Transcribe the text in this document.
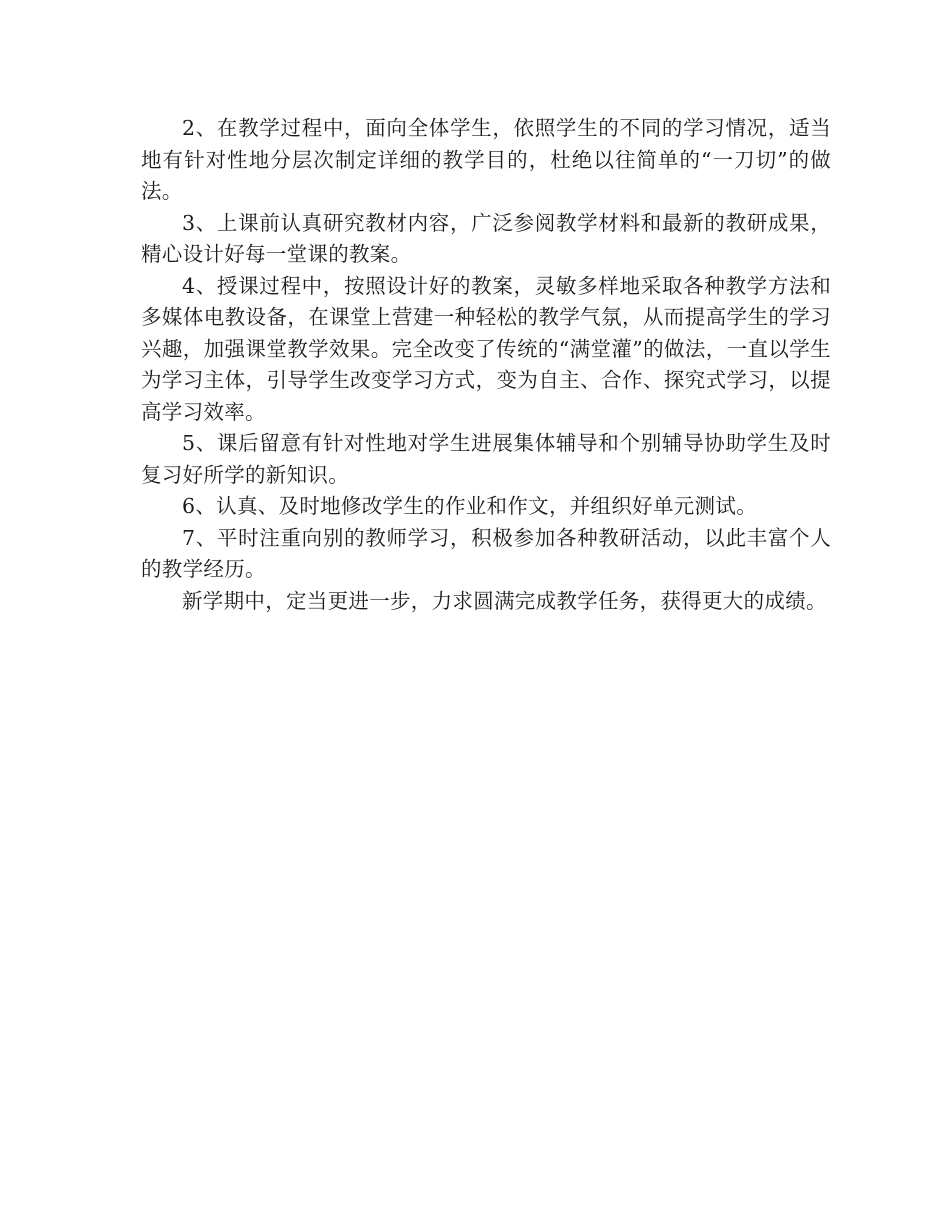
2、在教学过程中，面向全体学生，依照学生的不同的学习情况，适当地有针对性地分层次制定详细的教学目的，杜绝以往简单的“一刀切”的做法。

3、上课前认真研究教材内容，广泛参阅教学材料和最新的教研成果，精心设计好每一堂课的教案。

4、授课过程中，按照设计好的教案，灵敏多样地采取各种教学方法和多媒体电教设备，在课堂上营建一种轻松的教学气氛，从而提高学生的学习兴趣，加强课堂教学效果。完全改变了传统的“满堂灌”的做法，一直以学生为学习主体，引导学生改变学习方式，变为自主、合作、探究式学习，以提高学习效率。

5、课后留意有针对性地对学生进展集体辅导和个别辅导协助学生及时复习好所学的新知识。

6、认真、及时地修改学生的作业和作文，并组织好单元测试。

7、平时注重向别的教师学习，积极参加各种教研活动，以此丰富个人的教学经历。

新学期中，定当更进一步，力求圆满完成教学任务，获得更大的成绩。
